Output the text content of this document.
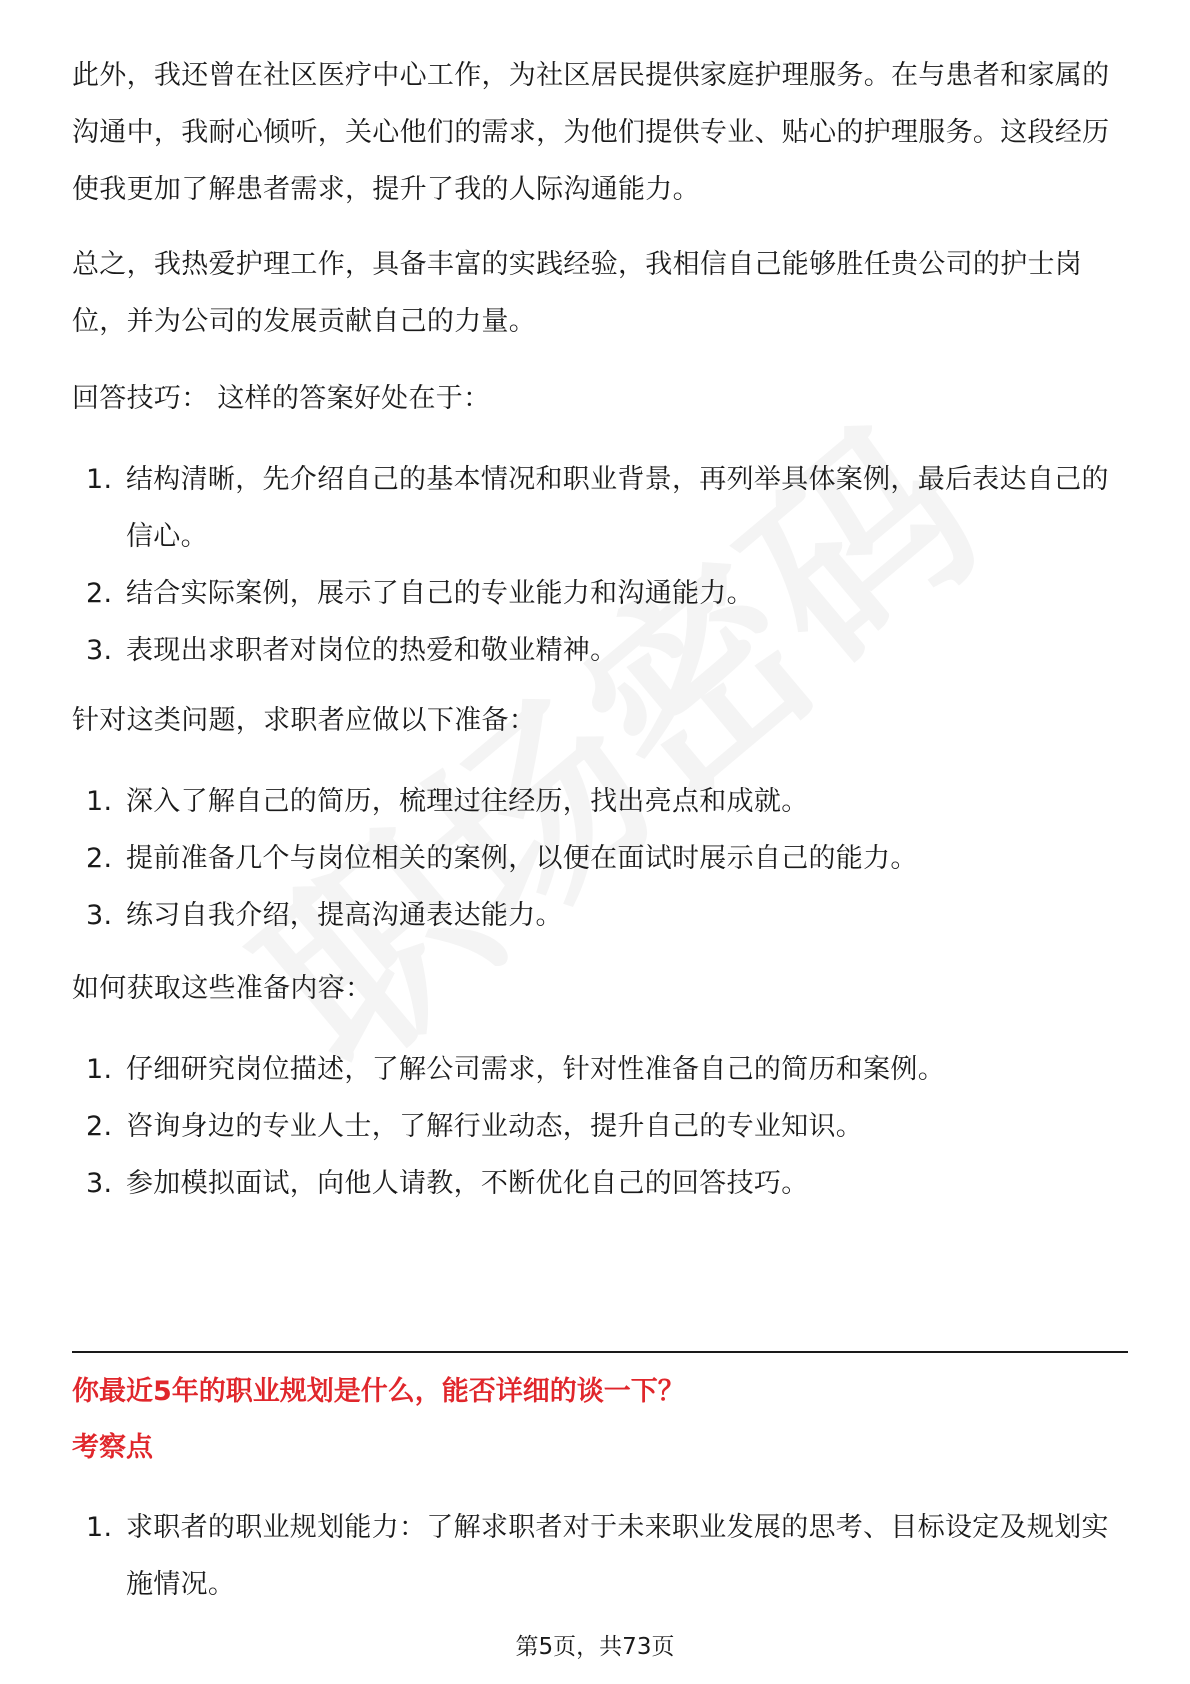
此外，我还曾在社区医疗中心工作，为社区居民提供家庭护理服务。在与患者和家属的沟通中，我耐心倾听，关心他们的需求，为他们提供专业、贴心的护理服务。这段经历使我更加了解患者需求，提升了我的人际沟通能力。

总之，我热爱护理工作，具备丰富的实践经验，我相信自己能够胜任贵公司的护士岗位，并为公司的发展贡献自己的力量。

回答技巧： 这样的答案好处在于：

1. 结构清晰，先介绍自己的基本情况和职业背景，再列举具体案例，最后表达自己的信心。
2. 结合实际案例，展示了自己的专业能力和沟通能力。
3. 表现出求职者对岗位的热爱和敬业精神。

针对这类问题，求职者应做以下准备：

1. 深入了解自己的简历，梳理过往经历，找出亮点和成就。
2. 提前准备几个与岗位相关的案例，以便在面试时展示自己的能力。
3. 练习自我介绍，提高沟通表达能力。

如何获取这些准备内容：

1. 仔细研究岗位描述，了解公司需求，针对性准备自己的简历和案例。
2. 咨询身边的专业人士，了解行业动态，提升自己的专业知识。
3. 参加模拟面试，向他人请教，不断优化自己的回答技巧。
你最近5年的职业规划是什么，能否详细的谈一下？
考察点
1. 求职者的职业规划能力：了解求职者对于未来职业发展的思考、目标设定及规划实施情况。
第5页，共73页
